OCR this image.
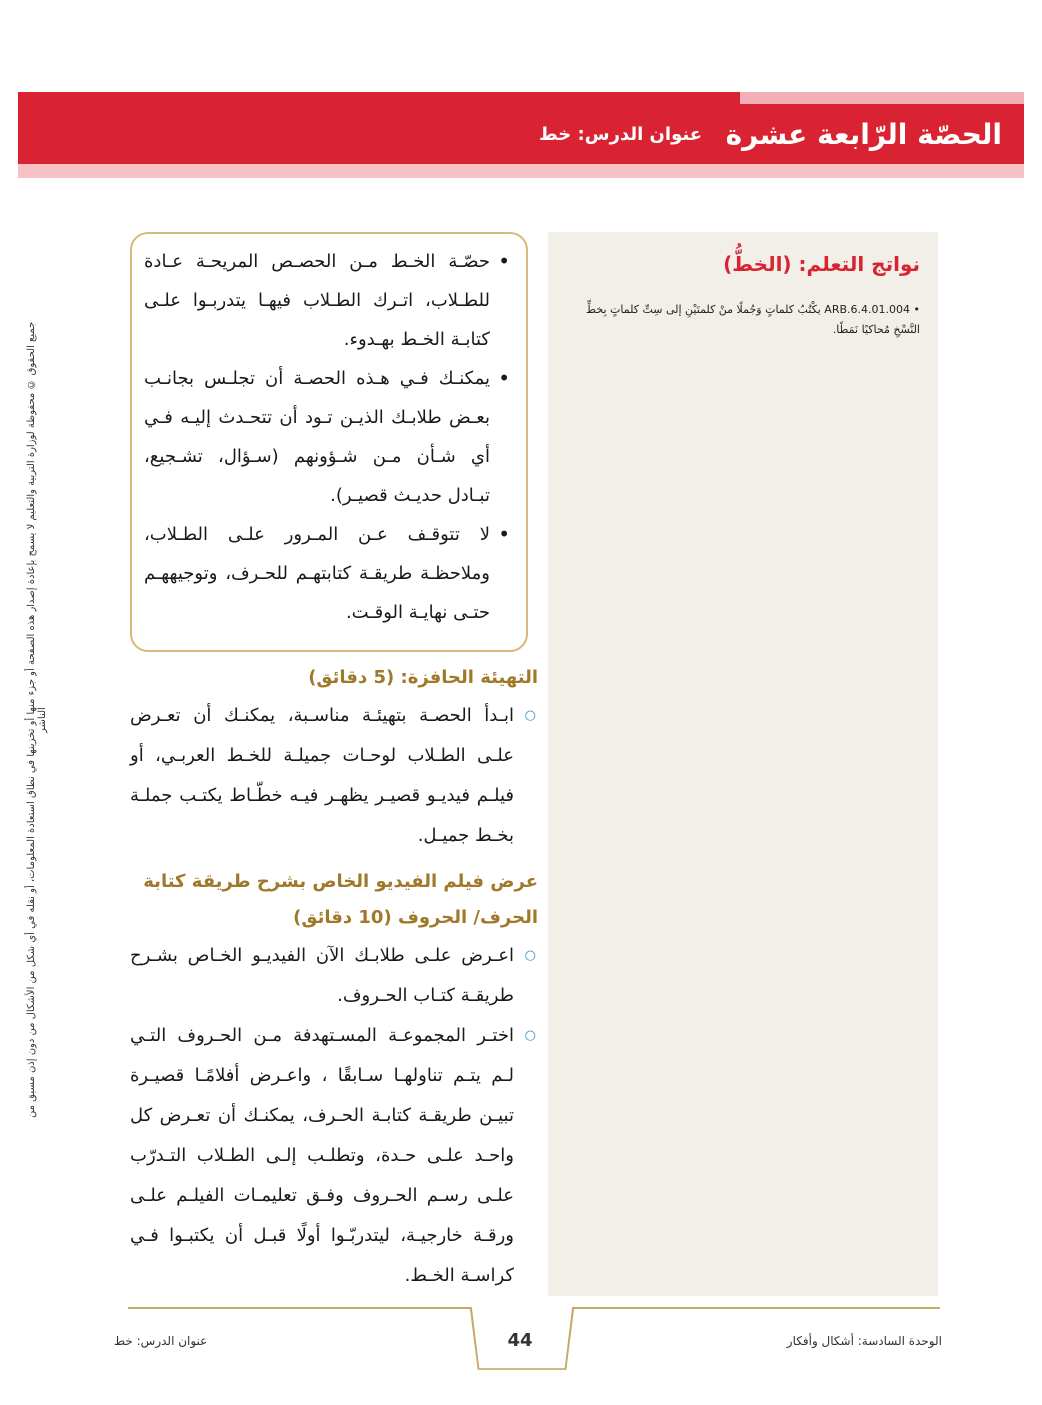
الحصّة الرّابعة عشرة
عنوان الدرس: خط
جميع الحقوق © محفوظة لوزارة التربية والتعليم لا يسمح بإعادة إصدار هذه الصفحة أو جزء منها أو تخزينها في نطاق استعادة المعلومات، أو نقله في أي شكل من الأشكال من دون إذن مسبق من الناشر
نواتج التعلم: (الخطُّ)
• ARB.6.4.01.004 يكْتُبُ كلماتٍ وَجُملًا منْ كلمتَيْنِ إلى سِتِّ كلماتٍ بِخطِّ النَّسْخِ مُحاكيًا نَمَطًا.
• حصّـة الخـط مـن الحصـص المريحـة عـادة للطـلاب، اتـرك الطـلاب فيهـا يتدربـوا علـى كتابـة الخـط بهـدوء.
• يمكنـك فـي هـذه الحصـة أن تجلـس بجانـب بعـض طلابـك الذيـن تـود أن تتحـدث إليـه فـي أي شـأن مـن شـؤونهم (سـؤال، تشـجيع، تبـادل حديـث قصيـر).
• لا تتوقـف عـن المـرور علـى الطـلاب، وملاحظـة طريقـة كتابتهـم للحـرف، وتوجيههـم حتـى نهايـة الوقـت.

التهيئة الحافزة: (5 دقائق)

○ ابـدأ الحصـة بتهيئـة مناسـبة، يمكنـك أن تعـرض علـى الطـلاب لوحـات جميلـة للخـط العربـي، أو فيلـم فيديـو قصيـر يظهـر فيـه خطّـاط يكتـب جملـة بخـط جميـل.

عرض فيلم الفيديو الخاص بشرح طريقة كتابة الحرف/ الحروف (10 دقائق)

○ اعـرض علـى طلابـك الآن الفيديـو الخـاص بشـرح طريقـة كتـاب الحـروف.
○ اختـر المجموعـة المسـتهدفة مـن الحـروف التـي لـم يتـم تناولهـا سـابقًا ، واعـرض أفلامًـا قصيـرة تبيـن طريقـة كتابـة الحـرف، يمكنـك أن تعـرض كل واحـد علـى حـدة، وتطلـب إلـى الطـلاب التـدرّب علـى رسـم الحـروف وفـق تعليمـات الفيلـم علـى ورقـة خارجيـة، ليتدربّـوا أولًا قبـل أن يكتبـوا فـي كراسـة الخـط.
44	الوحدة السادسة: أشكال وأفكار
عنوان الدرس: خط
